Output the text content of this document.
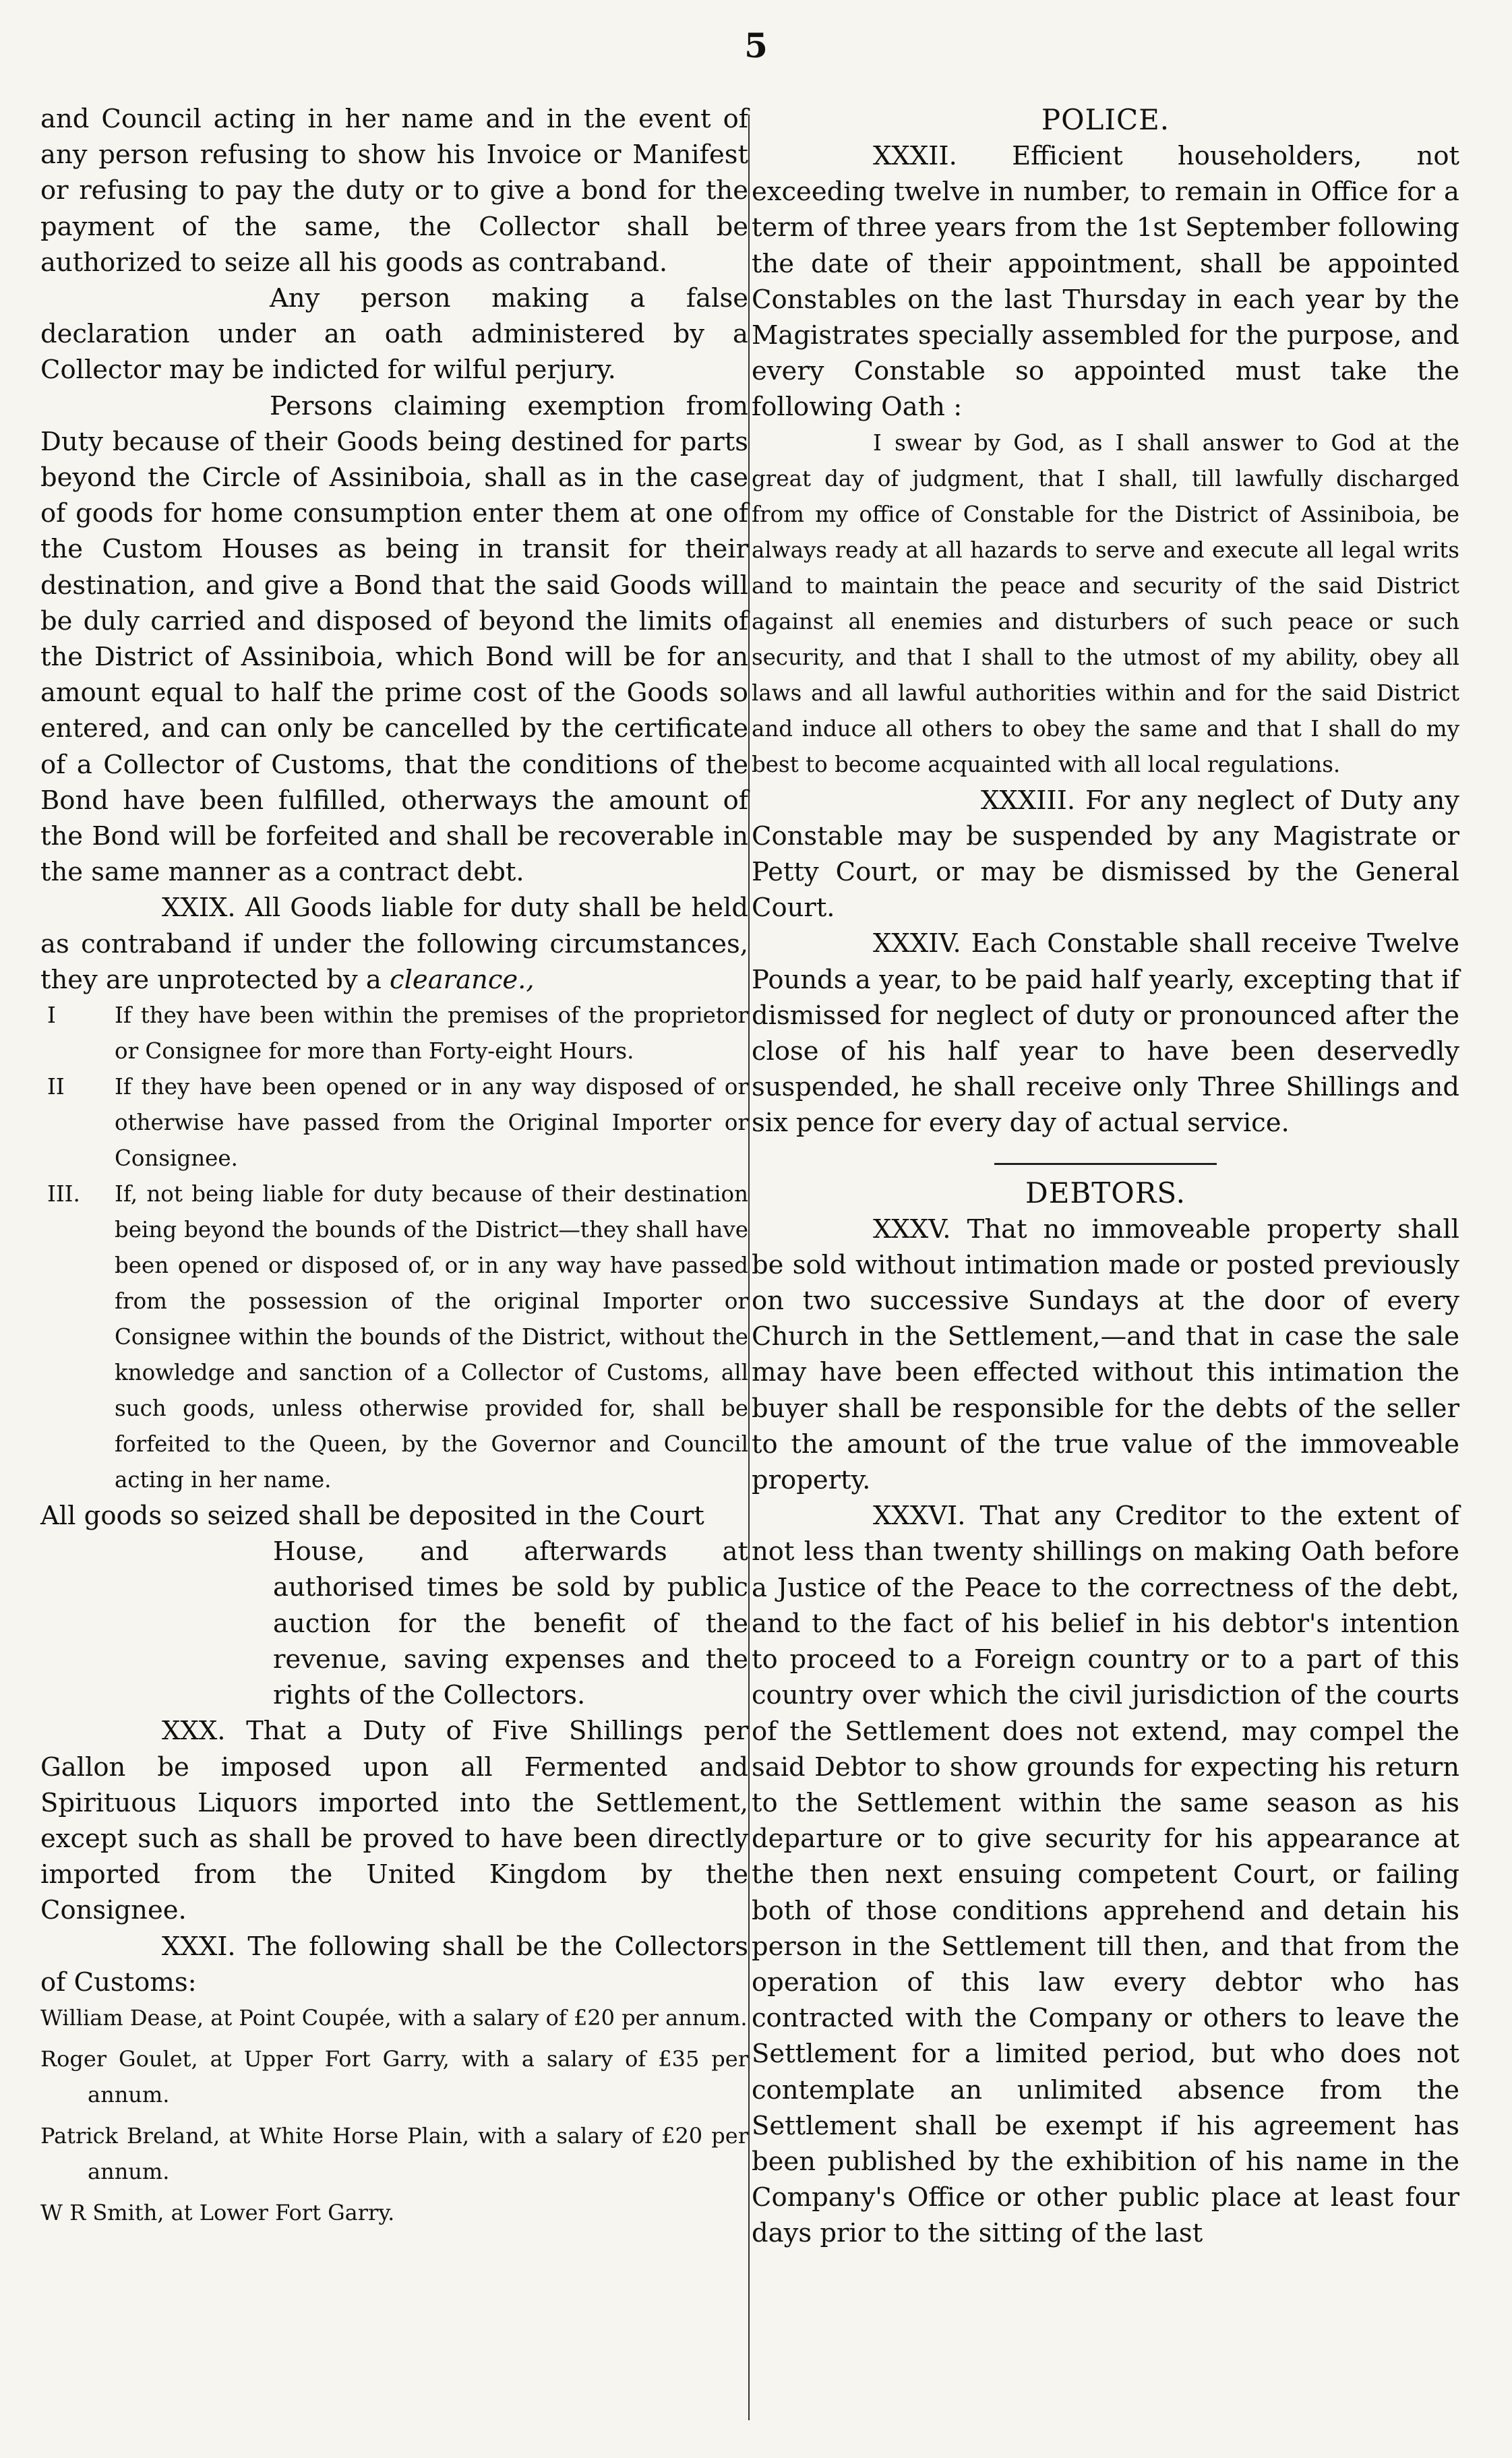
5

and Council acting in her name and in the event of any person refusing to show his Invoice or Manifest or refusing to pay the duty or to give a bond for the payment of the same, the Collector shall be authorized to seize all his goods as contraband.

Any person making a false declaration under an oath administered by a Collector may be indicted for wilful perjury.

Persons claiming exemption from Duty because of their Goods being destined for parts beyond the Circle of Assiniboia, shall as in the case of goods for home consumption enter them at one of the Custom Houses as being in transit for their destination, and give a Bond that the said Goods will be duly carried and disposed of beyond the limits of the District of Assiniboia, which Bond will be for an amount equal to half the prime cost of the Goods so entered, and can only be cancelled by the certificate of a Collector of Customs, that the conditions of the Bond have been fulfilled, otherways the amount of the Bond will be forfeited and shall be recoverable in the same manner as a contract debt.

XXIX. All Goods liable for duty shall be held as contraband if under the following circumstances, they are unprotected by a clearance.,

I	If they have been within the premises of the proprietor or Consignee for more than Forty-eight Hours.
II	If they have been opened or in any way disposed of or otherwise have passed from the Original Importer or Consignee.
III.	If, not being liable for duty because of their destination being beyond the bounds of the District—they shall have been opened or disposed of, or in any way have passed from the possession of the original Importer or Consignee within the bounds of the District, without the knowledge and sanction of a Collector of Customs, all such goods, unless otherwise provided for, shall be forfeited to the Queen, by the Governor and Council acting in her name.

All goods so seized shall be deposited in the Court

House, and afterwards at authorised times be sold by public auction for the benefit of the revenue, saving expenses and the rights of the Collectors.

XXX. That a Duty of Five Shillings per Gallon be imposed upon all Fermented and Spirituous Liquors imported into the Settlement, except such as shall be proved to have been directly imported from the United Kingdom by the Consignee.

XXXI. The following shall be the Collectors of Customs:

William Dease, at Point Coupée, with a salary of £20 per annum.

Roger Goulet, at Upper Fort Garry, with a salary of £35 per annum.

Patrick Breland, at White Horse Plain, with a salary of £20 per annum.

W R Smith, at Lower Fort Garry.

POLICE.

XXXII. Efficient householders, not exceeding twelve in number, to remain in Office for a term of three years from the 1st September following the date of their appointment, shall be appointed Constables on the last Thursday in each year by the Magistrates specially assembled for the purpose, and every Constable so appointed must take the following Oath :

I swear by God, as I shall answer to God at the great day of judgment, that I shall, till lawfully discharged from my office of Constable for the District of Assiniboia, be always ready at all hazards to serve and execute all legal writs and to maintain the peace and security of the said District against all enemies and disturbers of such peace or such security, and that I shall to the utmost of my ability, obey all laws and all lawful authorities within and for the said District and induce all others to obey the same and that I shall do my best to become acquainted with all local regulations.

XXXIII. For any neglect of Duty any Constable may be suspended by any Magistrate or Petty Court, or may be dismissed by the General Court.

XXXIV. Each Constable shall receive Twelve Pounds a year, to be paid half yearly, excepting that if dismissed for neglect of duty or pronounced after the close of his half year to have been deservedly suspended, he shall receive only Three Shillings and six pence for every day of actual service.

DEBTORS.

XXXV. That no immoveable property shall be sold without intimation made or posted previously on two successive Sundays at the door of every Church in the Settlement,—and that in case the sale may have been effected without this intimation the buyer shall be responsible for the debts of the seller to the amount of the true value of the immoveable property.

XXXVI. That any Creditor to the extent of not less than twenty shillings on making Oath before a Justice of the Peace to the correctness of the debt, and to the fact of his belief in his debtor's intention to proceed to a Foreign country or to a part of this country over which the civil jurisdiction of the courts of the Settlement does not extend, may compel the said Debtor to show grounds for expecting his return to the Settlement within the same season as his departure or to give security for his appearance at the then next ensuing competent Court, or failing both of those conditions apprehend and detain his person in the Settlement till then, and that from the operation of this law every debtor who has contracted with the Company or others to leave the Settlement for a limited period, but who does not contemplate an unlimited absence from the Settlement shall be exempt if his agreement has been published by the exhibition of his name in the Company's Office or other public place at least four days prior to the sitting of the last
